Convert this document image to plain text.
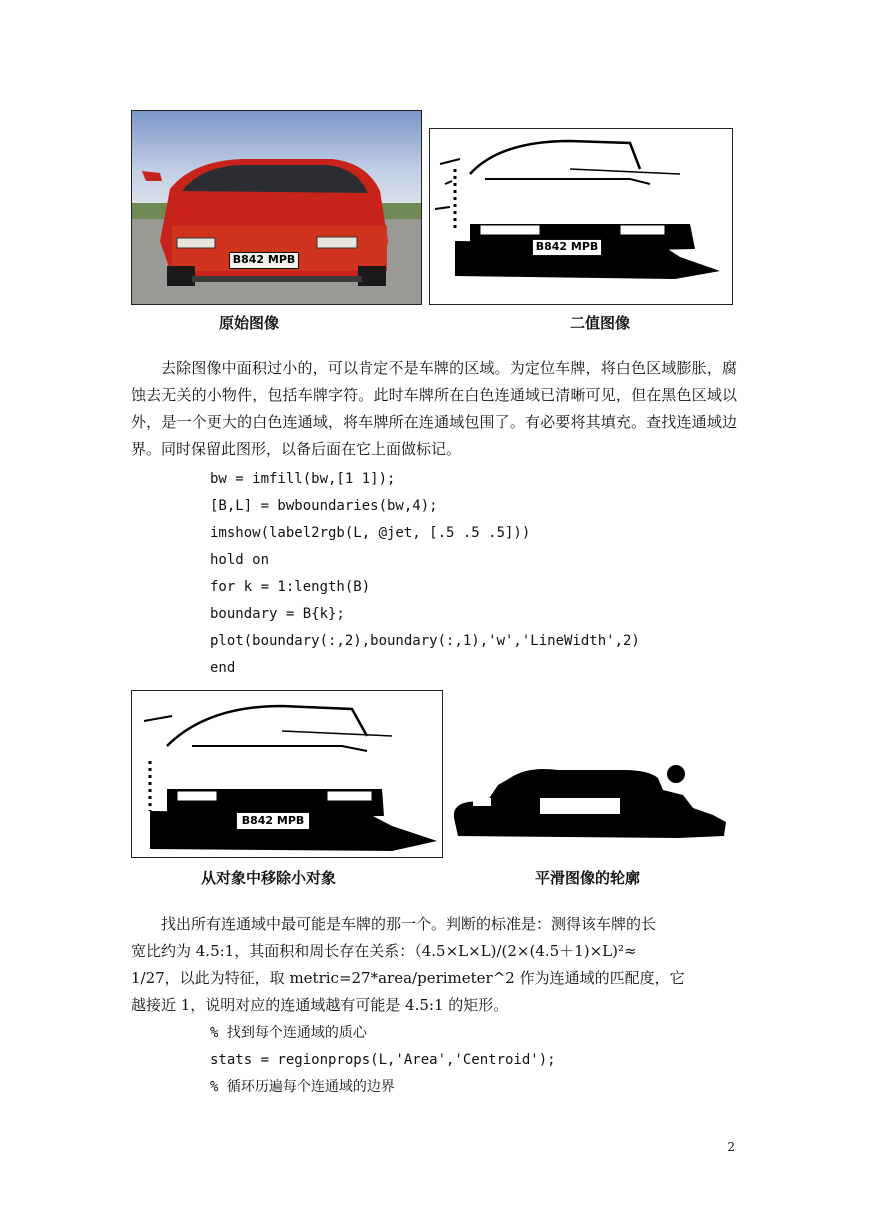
B842 MPB
B842 MPB
原始图像	二值图像

去除图像中面积过小的，可以肯定不是车牌的区域。为定位车牌，将白色区域膨胀，腐蚀去无关的小物件，包括车牌字符。此时车牌所在白色连通域已清晰可见，但在黑色区域以外，是一个更大的白色连通域，将车牌所在连通域包围了。有必要将其填充。查找连通域边界。同时保留此图形，以备后面在它上面做标记。

bw = imfill(bw,[1 1]);
[B,L] = bwboundaries(bw,4);
imshow(label2rgb(L, @jet, [.5 .5 .5]))
hold on
for k = 1:length(B)
boundary = B{k};
plot(boundary(:,2),boundary(:,1),'w','LineWidth',2)
end
B842 MPB
从对象中移除小对象	平滑图像的轮廓
找出所有连通域中最可能是车牌的那一个。判断的标准是：测得该车牌的长
宽比约为 4.5:1，其面积和周长存在关系：（4.5×L×L)/(2×(4.5＋1)×L)²≈
1/27，以此为特征，取 metric=27*area/perimeter^2 作为连通域的匹配度，它
越接近 1，说明对应的连通域越有可能是 4.5:1 的矩形。
% 找到每个连通域的质心
stats = regionprops(L,'Area','Centroid');
% 循环历遍每个连通域的边界
2
